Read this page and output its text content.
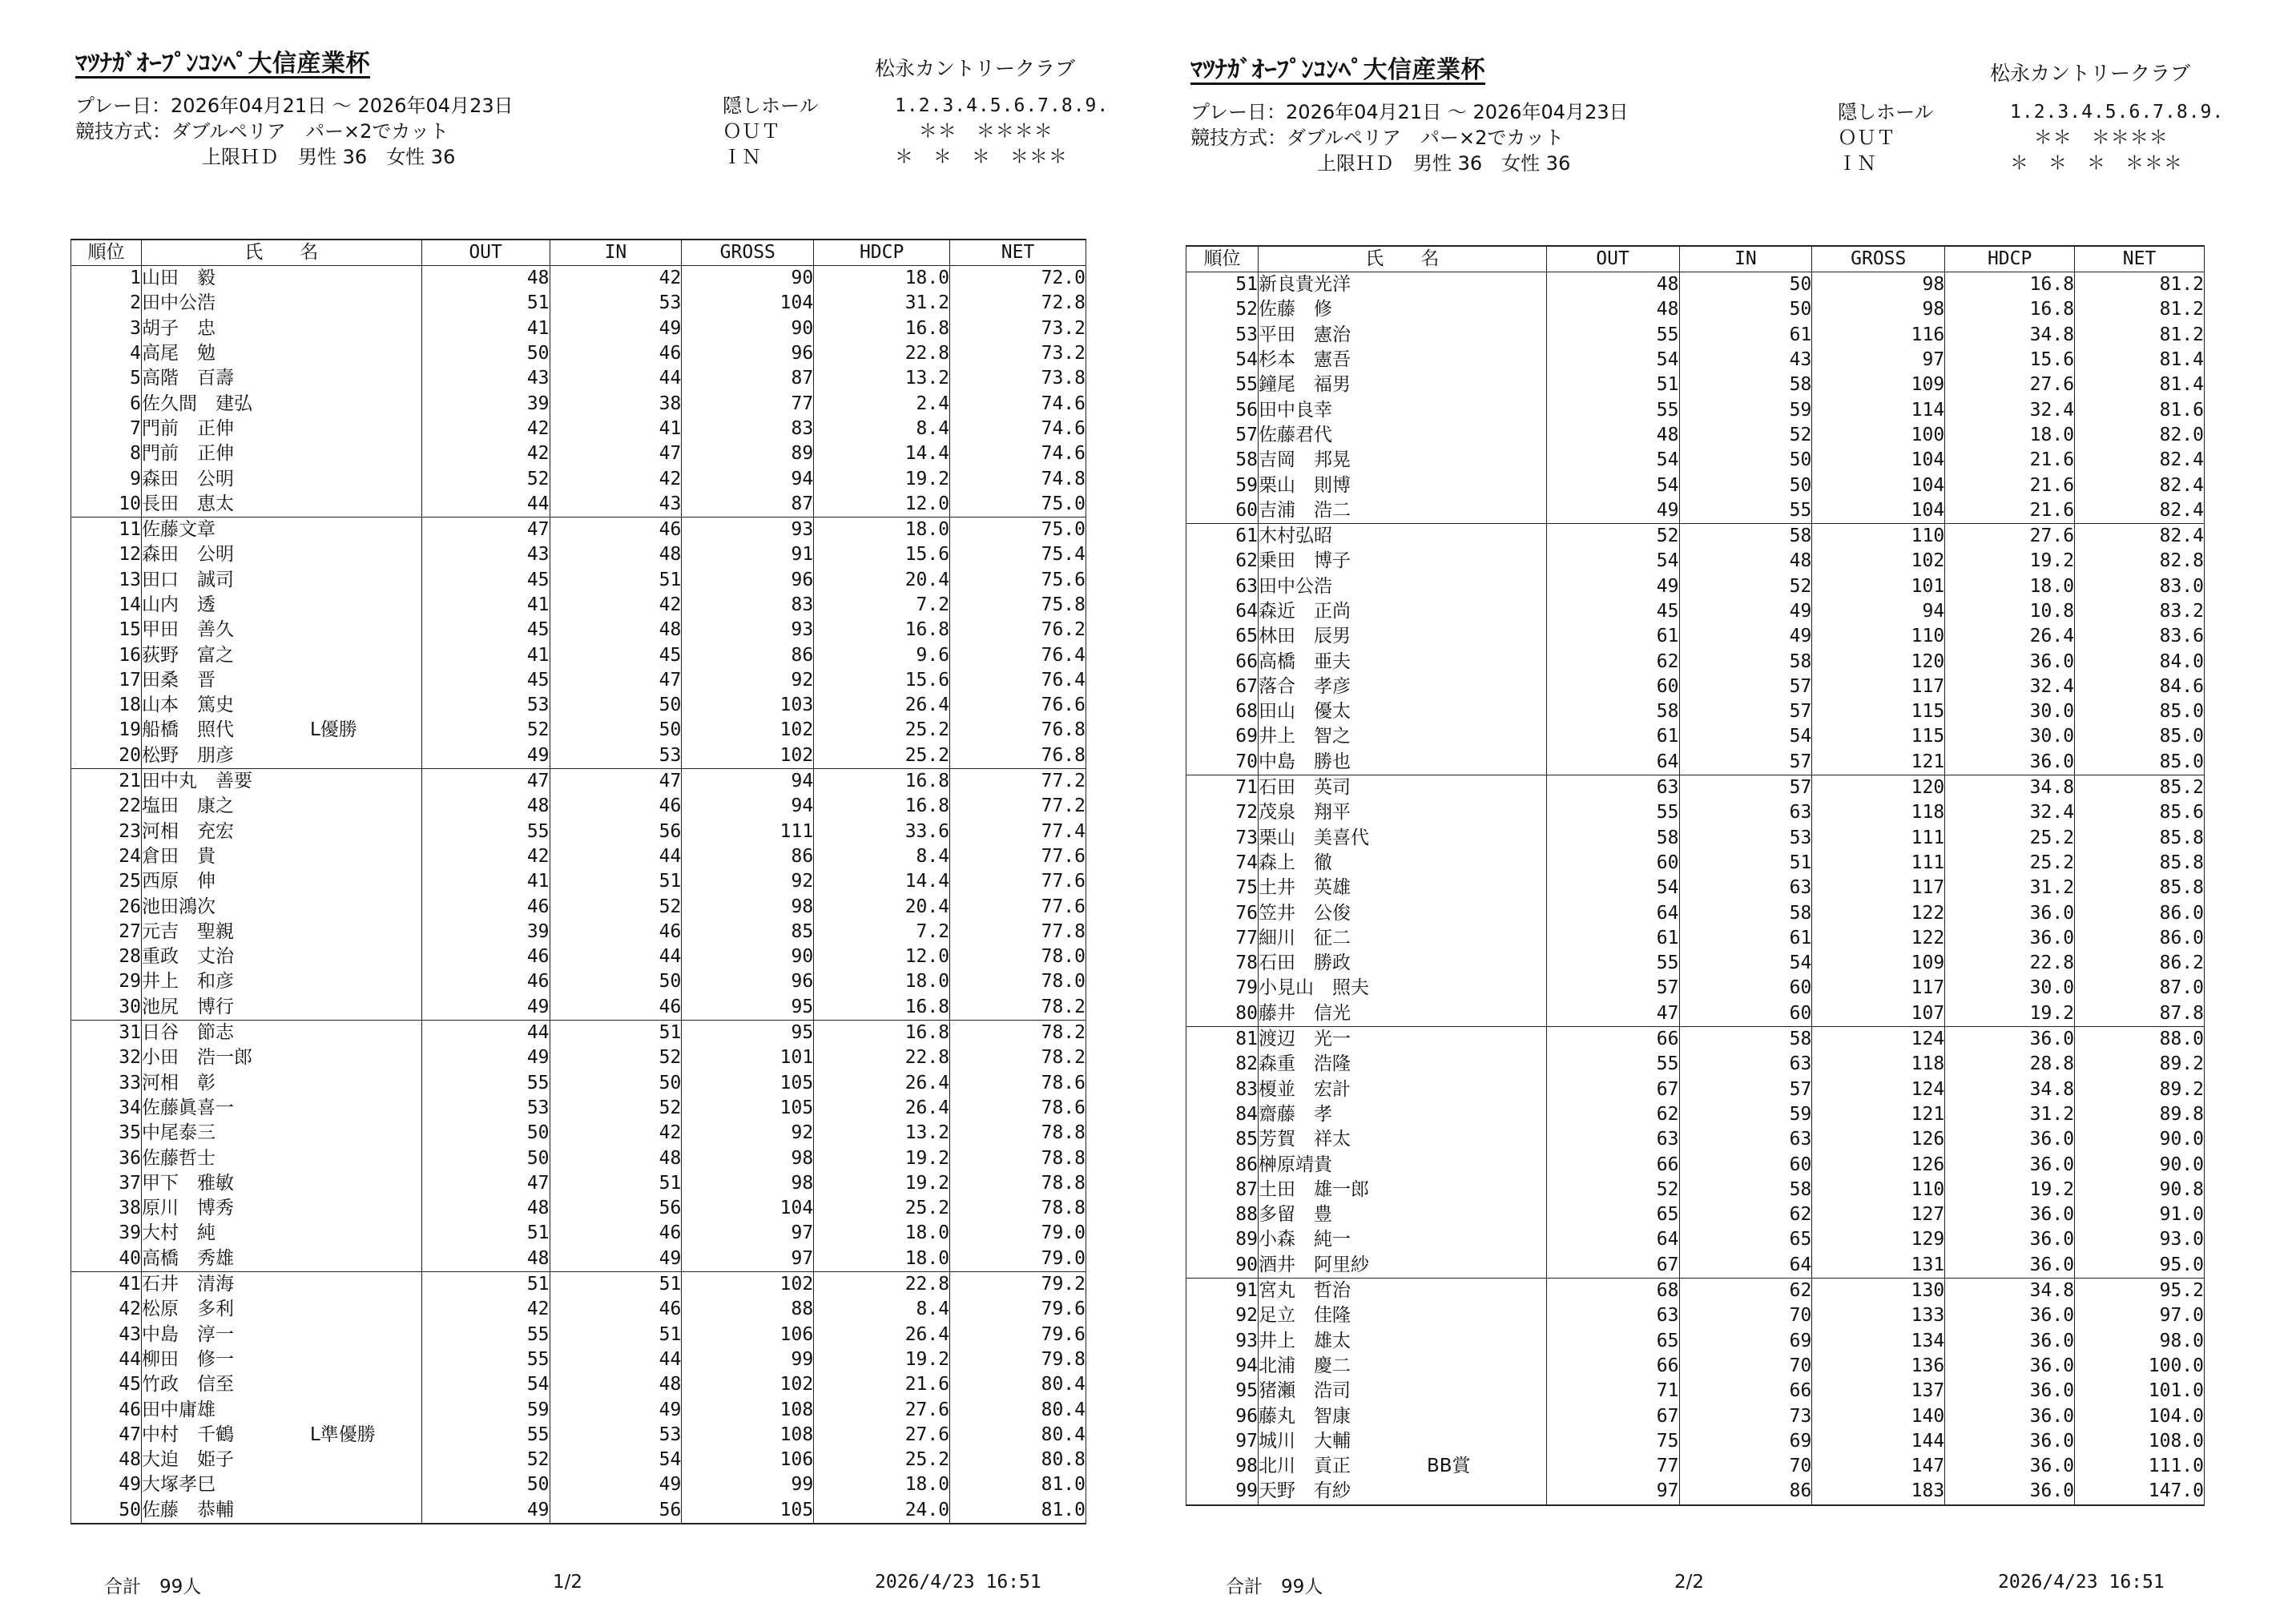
ﾏﾂﾅｶﾞｵｰﾌﾟﾝｺﾝﾍﾟ大信産業杯	松永カントリークラブ
プレー日：2026年04月21日 ～ 2026年04月23日
競技方式：ダブルペリア　パー×2でカット
上限ＨＤ　男性 36　女性 36
隠しホール
ＯＵＴ
ＩＮ
1.2.3.4.5.6.7.8.9.
＊＊　＊＊＊＊
＊　＊　＊　＊＊＊
順位	氏　　名	OUT	IN	GROSS	HDCP	NET
1	山田　毅	48	42	90	18.0	72.0
2	田中公浩	51	53	104	31.2	72.8
3	胡子　忠	41	49	90	16.8	73.2
4	高尾　勉	50	46	96	22.8	73.2
5	高階　百壽	43	44	87	13.2	73.8
6	佐久間　建弘	39	38	77	2.4	74.6
7	門前　正伸	42	41	83	8.4	74.6
8	門前　正伸	42	47	89	14.4	74.6
9	森田　公明	52	42	94	19.2	74.8
10	長田　恵太	44	43	87	12.0	75.0
11	佐藤文章	47	46	93	18.0	75.0
12	森田　公明	43	48	91	15.6	75.4
13	田口　誠司	45	51	96	20.4	75.6
14	山内　透	41	42	83	7.2	75.8
15	甲田　善久	45	48	93	16.8	76.2
16	荻野　富之	41	45	86	9.6	76.4
17	田桑　晋	45	47	92	15.6	76.4
18	山本　篤史	53	50	103	26.4	76.6
19	船橋　照代 L優勝	52	50	102	25.2	76.8
20	松野　朋彦	49	53	102	25.2	76.8
21	田中丸　善要	47	47	94	16.8	77.2
22	塩田　康之	48	46	94	16.8	77.2
23	河相　充宏	55	56	111	33.6	77.4
24	倉田　貴	42	44	86	8.4	77.6
25	西原　伸	41	51	92	14.4	77.6
26	池田鴻次	46	52	98	20.4	77.6
27	元吉　聖親	39	46	85	7.2	77.8
28	重政　丈治	46	44	90	12.0	78.0
29	井上　和彦	46	50	96	18.0	78.0
30	池尻　博行	49	46	95	16.8	78.2
31	日谷　節志	44	51	95	16.8	78.2
32	小田　浩一郎	49	52	101	22.8	78.2
33	河相　彰	55	50	105	26.4	78.6
34	佐藤眞喜一	53	52	105	26.4	78.6
35	中尾泰三	50	42	92	13.2	78.8
36	佐藤哲士	50	48	98	19.2	78.8
37	甲下　雅敏	47	51	98	19.2	78.8
38	原川　博秀	48	56	104	25.2	78.8
39	大村　純	51	46	97	18.0	79.0
40	高橋　秀雄	48	49	97	18.0	79.0
41	石井　清海	51	51	102	22.8	79.2
42	松原　多利	42	46	88	8.4	79.6
43	中島　淳一	55	51	106	26.4	79.6
44	柳田　修一	55	44	99	19.2	79.8
45	竹政　信至	54	48	102	21.6	80.4
46	田中庸雄	59	49	108	27.6	80.4
47	中村　千鶴 L準優勝	55	53	108	27.6	80.4
48	大迫　姫子	52	54	106	25.2	80.8
49	大塚孝巳	50	49	99	18.0	81.0
50	佐藤　恭輔	49	56	105	24.0	81.0
合計　99人	1/2	2026/4/23 16:51
ﾏﾂﾅｶﾞｵｰﾌﾟﾝｺﾝﾍﾟ大信産業杯	松永カントリークラブ
プレー日：2026年04月21日 ～ 2026年04月23日
競技方式：ダブルペリア　パー×2でカット
上限ＨＤ　男性 36　女性 36
隠しホール
ＯＵＴ
ＩＮ
1.2.3.4.5.6.7.8.9.
＊＊　＊＊＊＊
＊　＊　＊　＊＊＊
順位	氏　　名	OUT	IN	GROSS	HDCP	NET
51	新良貴光洋	48	50	98	16.8	81.2
52	佐藤　修	48	50	98	16.8	81.2
53	平田　憲治	55	61	116	34.8	81.2
54	杉本　憲吾	54	43	97	15.6	81.4
55	鐘尾　福男	51	58	109	27.6	81.4
56	田中良幸	55	59	114	32.4	81.6
57	佐藤君代	48	52	100	18.0	82.0
58	吉岡　邦晃	54	50	104	21.6	82.4
59	栗山　則博	54	50	104	21.6	82.4
60	吉浦　浩二	49	55	104	21.6	82.4
61	木村弘昭	52	58	110	27.6	82.4
62	乗田　博子	54	48	102	19.2	82.8
63	田中公浩	49	52	101	18.0	83.0
64	森近　正尚	45	49	94	10.8	83.2
65	林田　辰男	61	49	110	26.4	83.6
66	高橋　亜夫	62	58	120	36.0	84.0
67	落合　孝彦	60	57	117	32.4	84.6
68	田山　優太	58	57	115	30.0	85.0
69	井上　智之	61	54	115	30.0	85.0
70	中島　勝也	64	57	121	36.0	85.0
71	石田　英司	63	57	120	34.8	85.2
72	茂泉　翔平	55	63	118	32.4	85.6
73	栗山　美喜代	58	53	111	25.2	85.8
74	森上　徹	60	51	111	25.2	85.8
75	土井　英雄	54	63	117	31.2	85.8
76	笠井　公俊	64	58	122	36.0	86.0
77	細川　征二	61	61	122	36.0	86.0
78	石田　勝政	55	54	109	22.8	86.2
79	小見山　照夫	57	60	117	30.0	87.0
80	藤井　信光	47	60	107	19.2	87.8
81	渡辺　光一	66	58	124	36.0	88.0
82	森重　浩隆	55	63	118	28.8	89.2
83	榎並　宏計	67	57	124	34.8	89.2
84	齋藤　孝	62	59	121	31.2	89.8
85	芳賀　祥太	63	63	126	36.0	90.0
86	榊原靖貴	66	60	126	36.0	90.0
87	土田　雄一郎	52	58	110	19.2	90.8
88	多留　豊	65	62	127	36.0	91.0
89	小森　純一	64	65	129	36.0	93.0
90	酒井　阿里紗	67	64	131	36.0	95.0
91	宮丸　哲治	68	62	130	34.8	95.2
92	足立　佳隆	63	70	133	36.0	97.0
93	井上　雄太	65	69	134	36.0	98.0
94	北浦　慶二	66	70	136	36.0	100.0
95	猪瀬　浩司	71	66	137	36.0	101.0
96	藤丸　智康	67	73	140	36.0	104.0
97	城川　大輔	75	69	144	36.0	108.0
98	北川　貢正 BB賞	77	70	147	36.0	111.0
99	天野　有紗	97	86	183	36.0	147.0
合計　99人	2/2	2026/4/23 16:51
